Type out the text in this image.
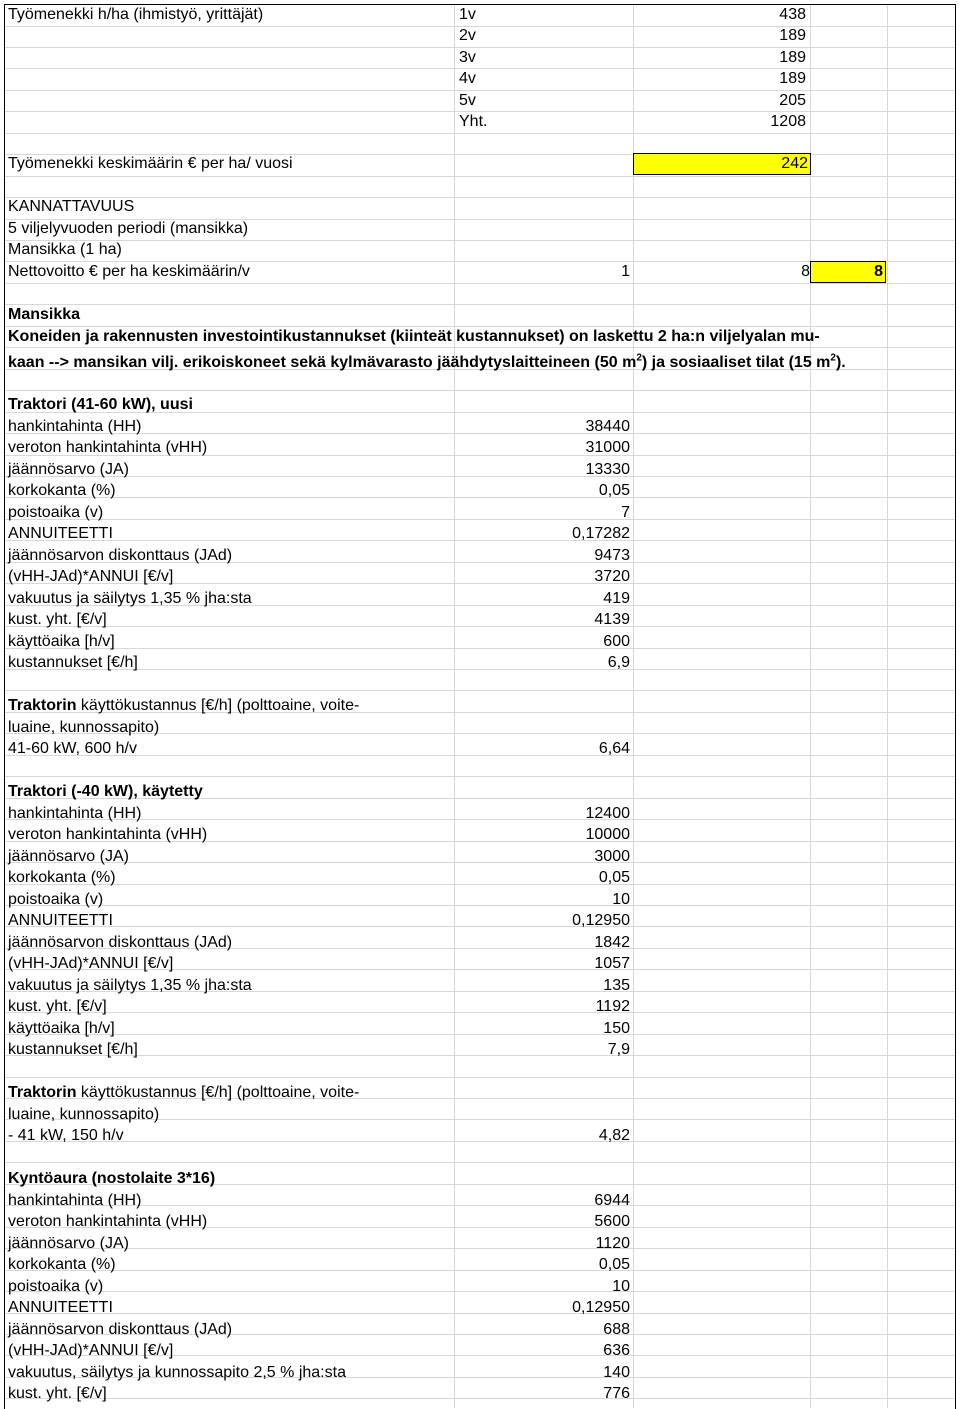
Työmenekki h/ha (ihmistyö, yrittäjät)	1v	438
2v	189
3v	189
4v	189
5v	205
Yht.	1208
Työmenekki keskimäärin € per ha/ vuosi	242
KANNATTAVUUS
5 viljelyvuoden periodi (mansikka)
Mansikka (1 ha)
Nettovoitto € per ha keskimäärin/v	1	8	8
Mansikka
Koneiden ja rakennusten investointikustannukset (kiinteät kustannukset) on laskettu 2 ha:n viljelyalan mu-
kaan --> mansikan vilj. erikoiskoneet sekä kylmävarasto jäähdytyslaitteineen (50 $m^2$) ja sosiaaliset tilat (15 $m^2$).
Traktori (41-60 kW), uusi
hankintahinta (HH)	38440
veroton hankintahinta (vHH)	31000
jäännösarvo (JA)	13330
korkokanta (%)	0,05
poistoaika (v)	7
ANNUITEETTI	0,17282
jäännösarvon diskonttaus (JAd)	9473
(vHH-JAd)*ANNUI [€/v]	3720
vakuutus ja säilytys 1,35 % jha:sta	419
kust. yht. [€/v]	4139
käyttöaika [h/v]	600
kustannukset [€/h]	6,9
Traktorin käyttökustannus [€/h] (polttoaine, voite-
luaine, kunnossapito)
41-60 kW, 600 h/v	6,64
Traktori (-40 kW), käytetty
hankintahinta (HH)	12400
veroton hankintahinta (vHH)	10000
jäännösarvo (JA)	3000
korkokanta (%)	0,05
poistoaika (v)	10
ANNUITEETTI	0,12950
jäännösarvon diskonttaus (JAd)	1842
(vHH-JAd)*ANNUI [€/v]	1057
vakuutus ja säilytys 1,35 % jha:sta	135
kust. yht. [€/v]	1192
käyttöaika [h/v]	150
kustannukset [€/h]	7,9
Traktorin käyttökustannus [€/h] (polttoaine, voite-
luaine, kunnossapito)
- 41 kW, 150 h/v	4,82
Kyntöaura (nostolaite 3*16)
hankintahinta (HH)	6944
veroton hankintahinta (vHH)	5600
jäännösarvo (JA)	1120
korkokanta (%)	0,05
poistoaika (v)	10
ANNUITEETTI	0,12950
jäännösarvon diskonttaus (JAd)	688
(vHH-JAd)*ANNUI [€/v]	636
vakuutus, säilytys ja kunnossapito 2,5 % jha:sta	140
kust. yht. [€/v]	776
